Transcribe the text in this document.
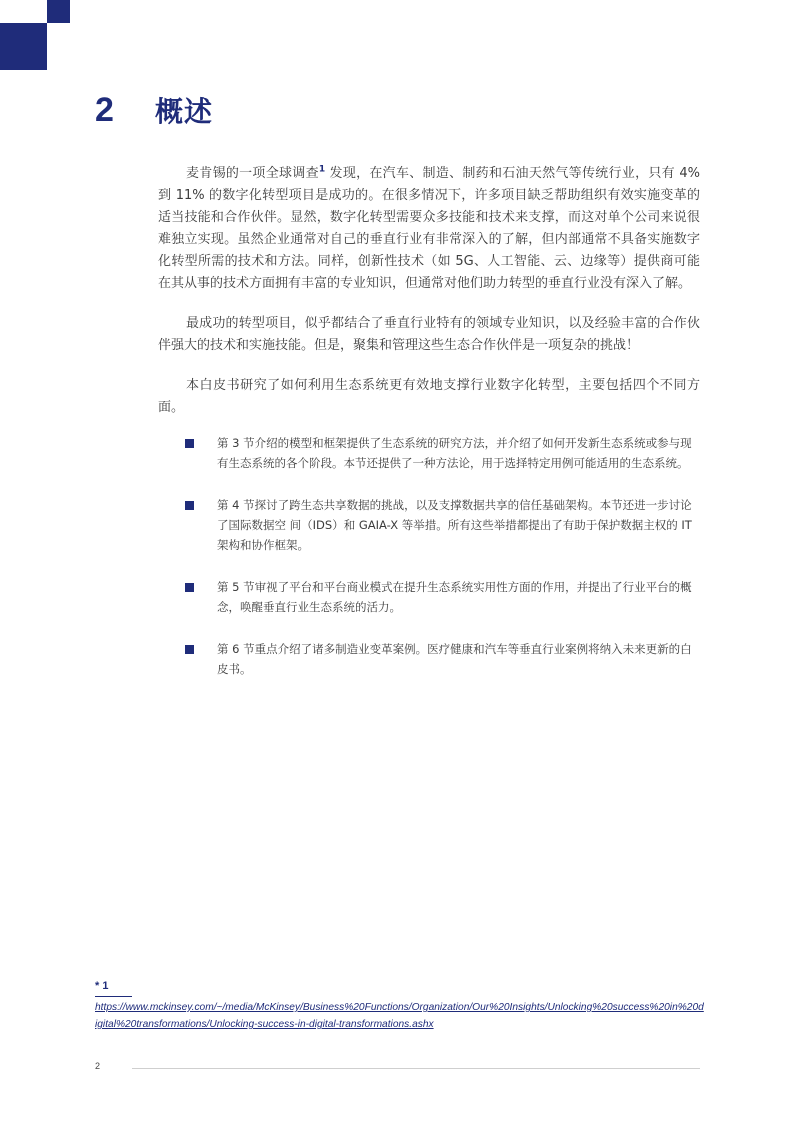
2	概述

麦肯锡的一项全球调查$^1$ 发现，在汽车、制造、制药和石油天然气等传统行业，只有 4% 到 11% 的数字化转型项目是成功的。在很多情况下，许多项目缺乏帮助组织有效实施变革的适当技能和合作伙伴。显然，数字化转型需要众多技能和技术来支撑，而这对单个公司来说很难独立实现。虽然企业通常对自己的垂直行业有非常深入的了解，但内部通常不具备实施数字化转型所需的技术和方法。同样，创新性技术（如 5G、人工智能、云、边缘等）提供商可能在其从事的技术方面拥有丰富的专业知识，但通常对他们助力转型的垂直行业没有深入了解。

最成功的转型项目，似乎都结合了垂直行业特有的领域专业知识，以及经验丰富的合作伙伴强大的技术和实施技能。但是，聚集和管理这些生态合作伙伴是一项复杂的挑战！

本白皮书研究了如何利用生态系统更有效地支撑行业数字化转型，主要包括四个不同方面。

第 3 节介绍的模型和框架提供了生态系统的研究方法，并介绍了如何开发新生态系统或参与现有生态系统的各个阶段。本节还提供了一种方法论，用于选择特定用例可能适用的生态系统。
第 4 节探讨了跨生态共享数据的挑战，以及支撑数据共享的信任基础架构。本节还进一步讨论了国际数据空 间（IDS）和 GAIA-X 等举措。所有这些举措都提出了有助于保护数据主权的 IT 架构和协作框架。
第 5 节审视了平台和平台商业模式在提升生态系统实用性方面的作用，并提出了行业平台的概念，唤醒垂直行业生态系统的活力。
第 6 节重点介绍了诸多制造业变革案例。医疗健康和汽车等垂直行业案例将纳入未来更新的白皮书。
* 1
https://www.mckinsey.com/~/media/McKinsey/Business%20Functions/Organization/Our%20Insights/Unlocking%20success%20in%20digital%20transformations/Unlocking-success-in-digital-transformations.ashx
2
